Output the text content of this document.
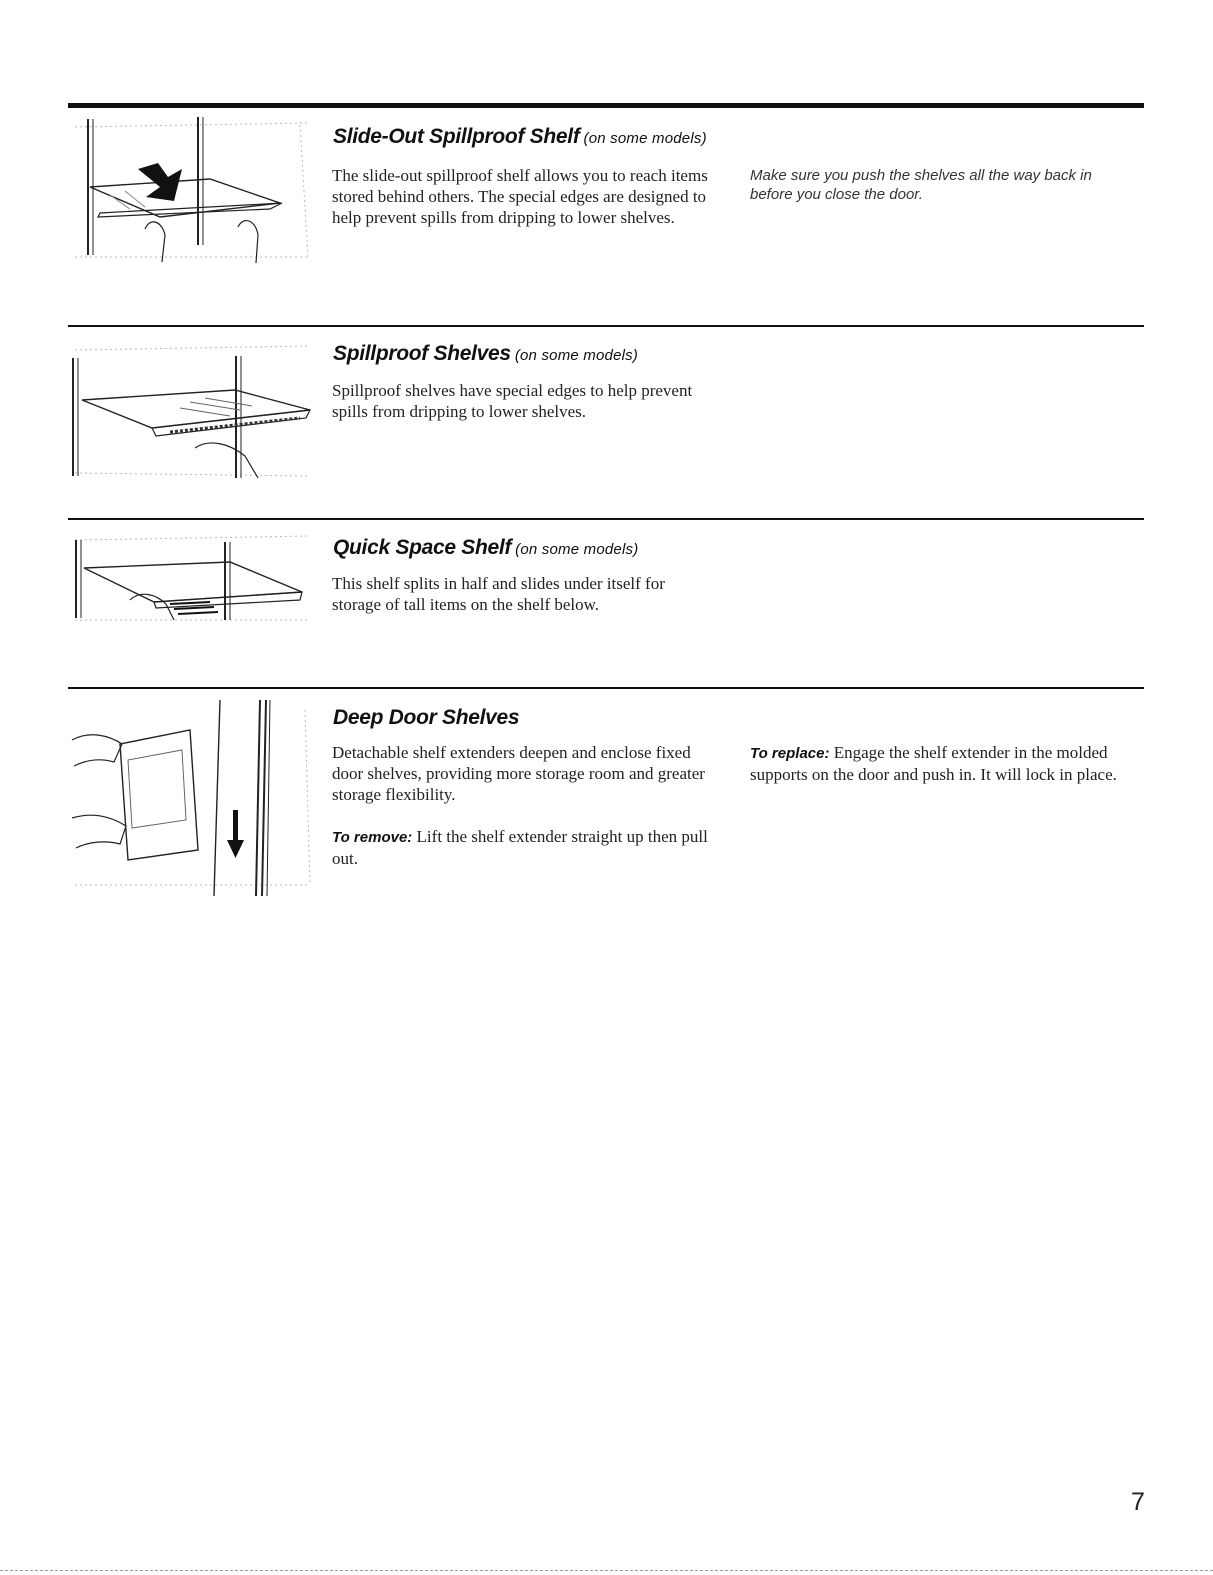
Slide-Out Spillproof Shelf (on some models)

The slide-out spillproof shelf allows you to reach items stored behind others. The special edges are designed to help prevent spills from dripping to lower shelves.

Make sure you push the shelves all the way back in before you close the door.

Spillproof Shelves (on some models)

Spillproof shelves have special edges to help prevent spills from dripping to lower shelves.

Quick Space Shelf (on some models)

This shelf splits in half and slides under itself for storage of tall items on the shelf below.

Deep Door Shelves

Detachable shelf extenders deepen and enclose fixed door shelves, providing more storage room and greater storage flexibility.

To remove: Lift the shelf extender straight up then pull out.

To replace: Engage the shelf extender in the molded supports on the door and push in. It will lock in place.

7
